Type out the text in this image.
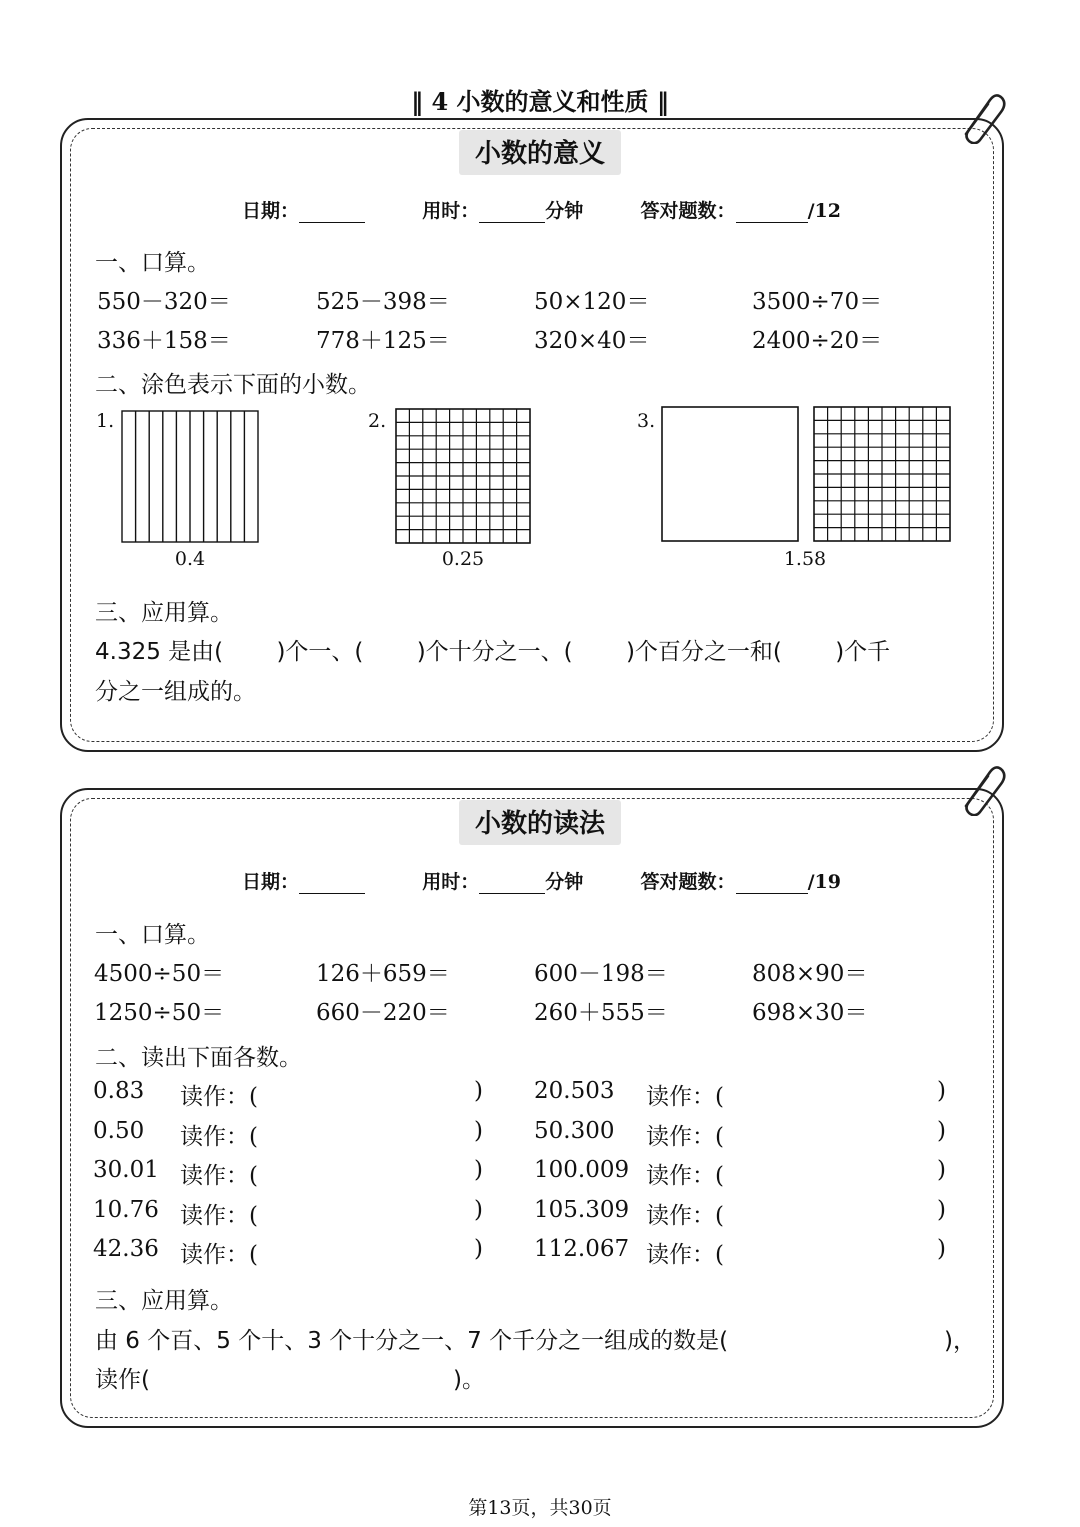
‖ 4 小数的意义和性质 ‖
小数的意义
日期：	用时：	分钟	答对题数：	/12
一、口算。
550－320＝	525－398＝	50×120＝	3500÷70＝
336＋158＝	778＋125＝	320×40＝	2400÷20＝
二、涂色表示下面的小数。
1.
0.4
2.
0.25
3.
1.58
三、应用算。
4.325 是由(　　 )个一、(　　 )个十分之一、(　　 )个百分之一和(　　 )个千
分之一组成的。
小数的读法
日期：	用时：	分钟	答对题数：	/19
一、口算。
4500÷50＝	126＋659＝	600－198＝	808×90＝
1250÷50＝	660－220＝	260＋555＝	698×30＝
二、读出下面各数。
0.83 读作：(	) 20.503 读作：(	)
0.50 读作：(	) 50.300 读作：(	)
30.01 读作：(	) 100.009 读作：(	)
10.76 读作：(	) 105.309 读作：(	)
42.36 读作：(	) 112.067 读作：(	)
三、应用算。
由 6 个百、5 个十、3 个十分之一、7 个千分之一组成的数是(	)，
读作(	)。
第13页，共30页
